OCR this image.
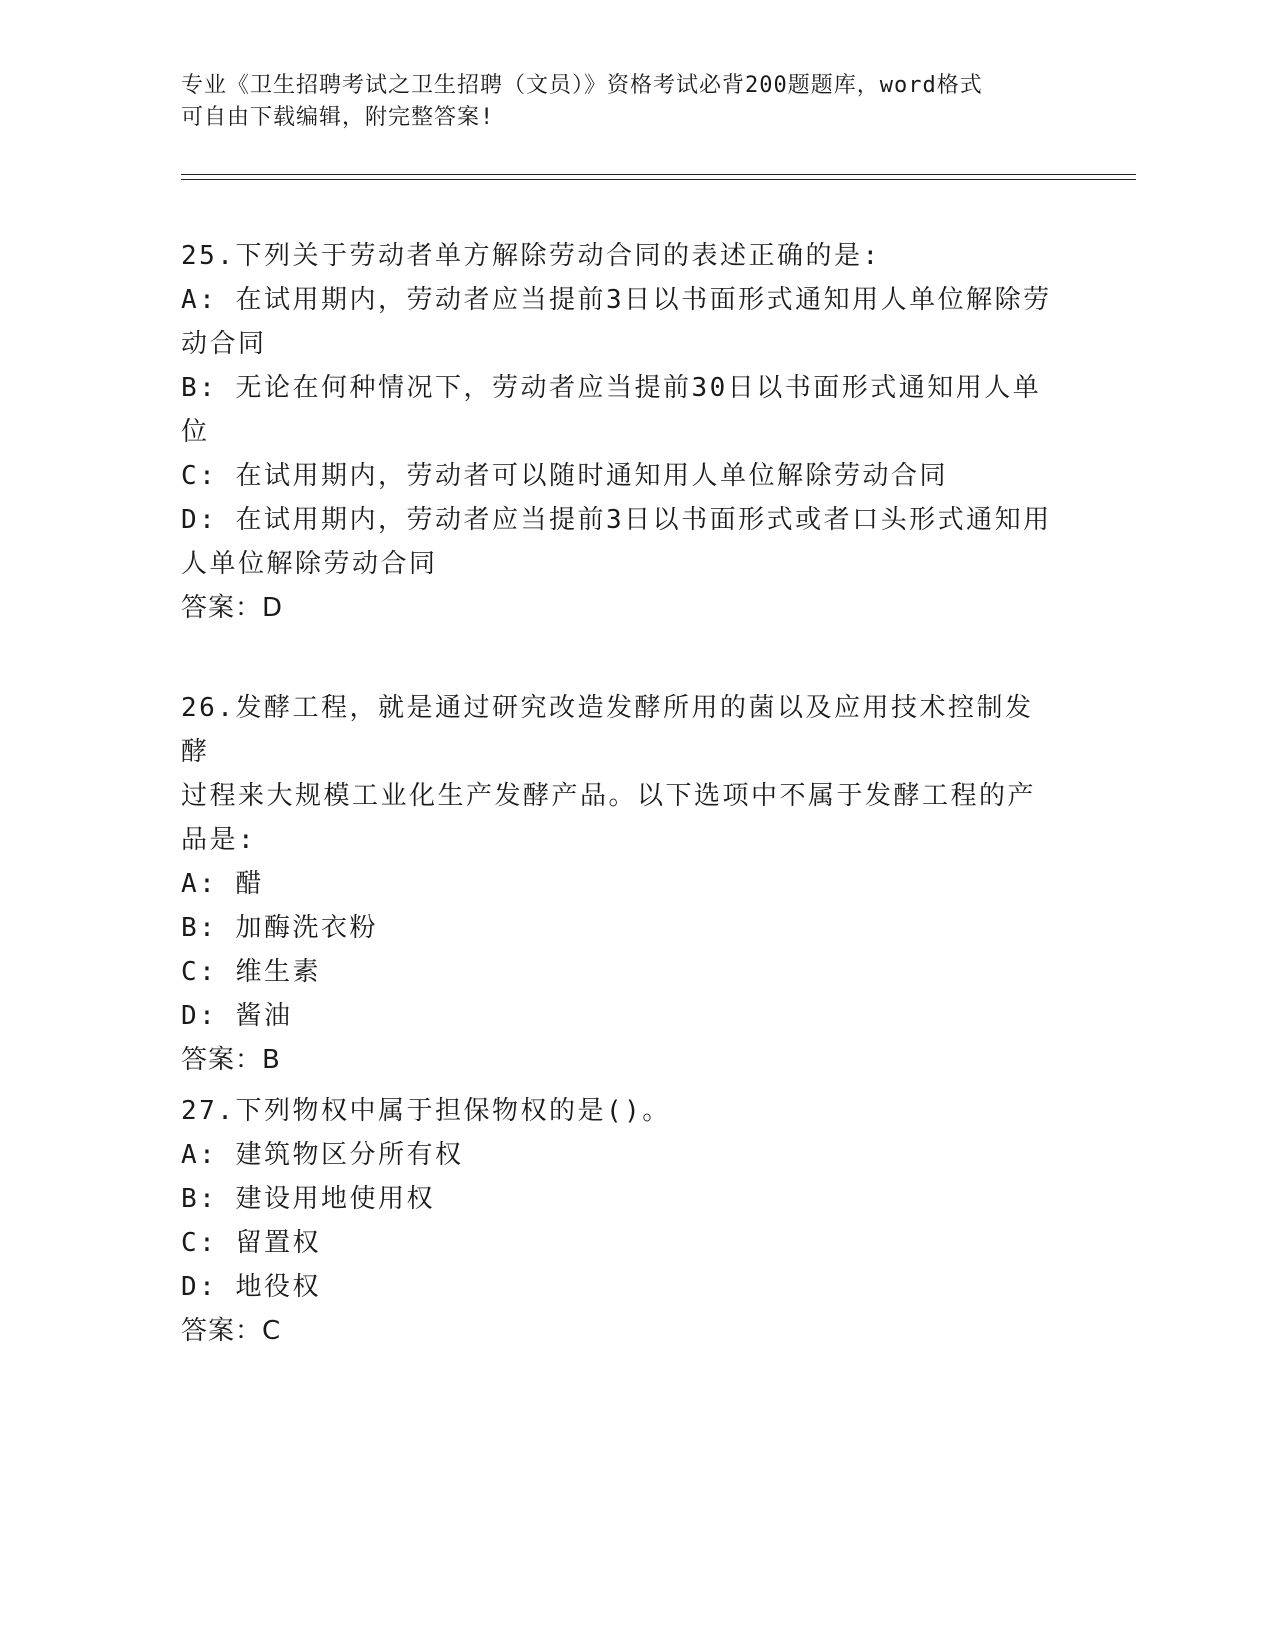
专业《卫生招聘考试之卫生招聘（文员）》资格考试必背200题题库，word格式
可自由下载编辑，附完整答案!
25.下列关于劳动者单方解除劳动合同的表述正确的是:
A: 在试用期内，劳动者应当提前3日以书面形式通知用人单位解除劳
动合同
B: 无论在何种情况下，劳动者应当提前30日以书面形式通知用人单
位
C: 在试用期内，劳动者可以随时通知用人单位解除劳动合同
D: 在试用期内，劳动者应当提前3日以书面形式或者口头形式通知用
人单位解除劳动合同
答案：D
26.发酵工程，就是通过研究改造发酵所用的菌以及应用技术控制发酵
过程来大规模工业化生产发酵产品。以下选项中不属于发酵工程的产
品是:
A: 醋
B: 加酶洗衣粉
C: 维生素
D: 酱油
答案：B
27.下列物权中属于担保物权的是()。
A: 建筑物区分所有权
B: 建设用地使用权
C: 留置权
D: 地役权
答案：C
